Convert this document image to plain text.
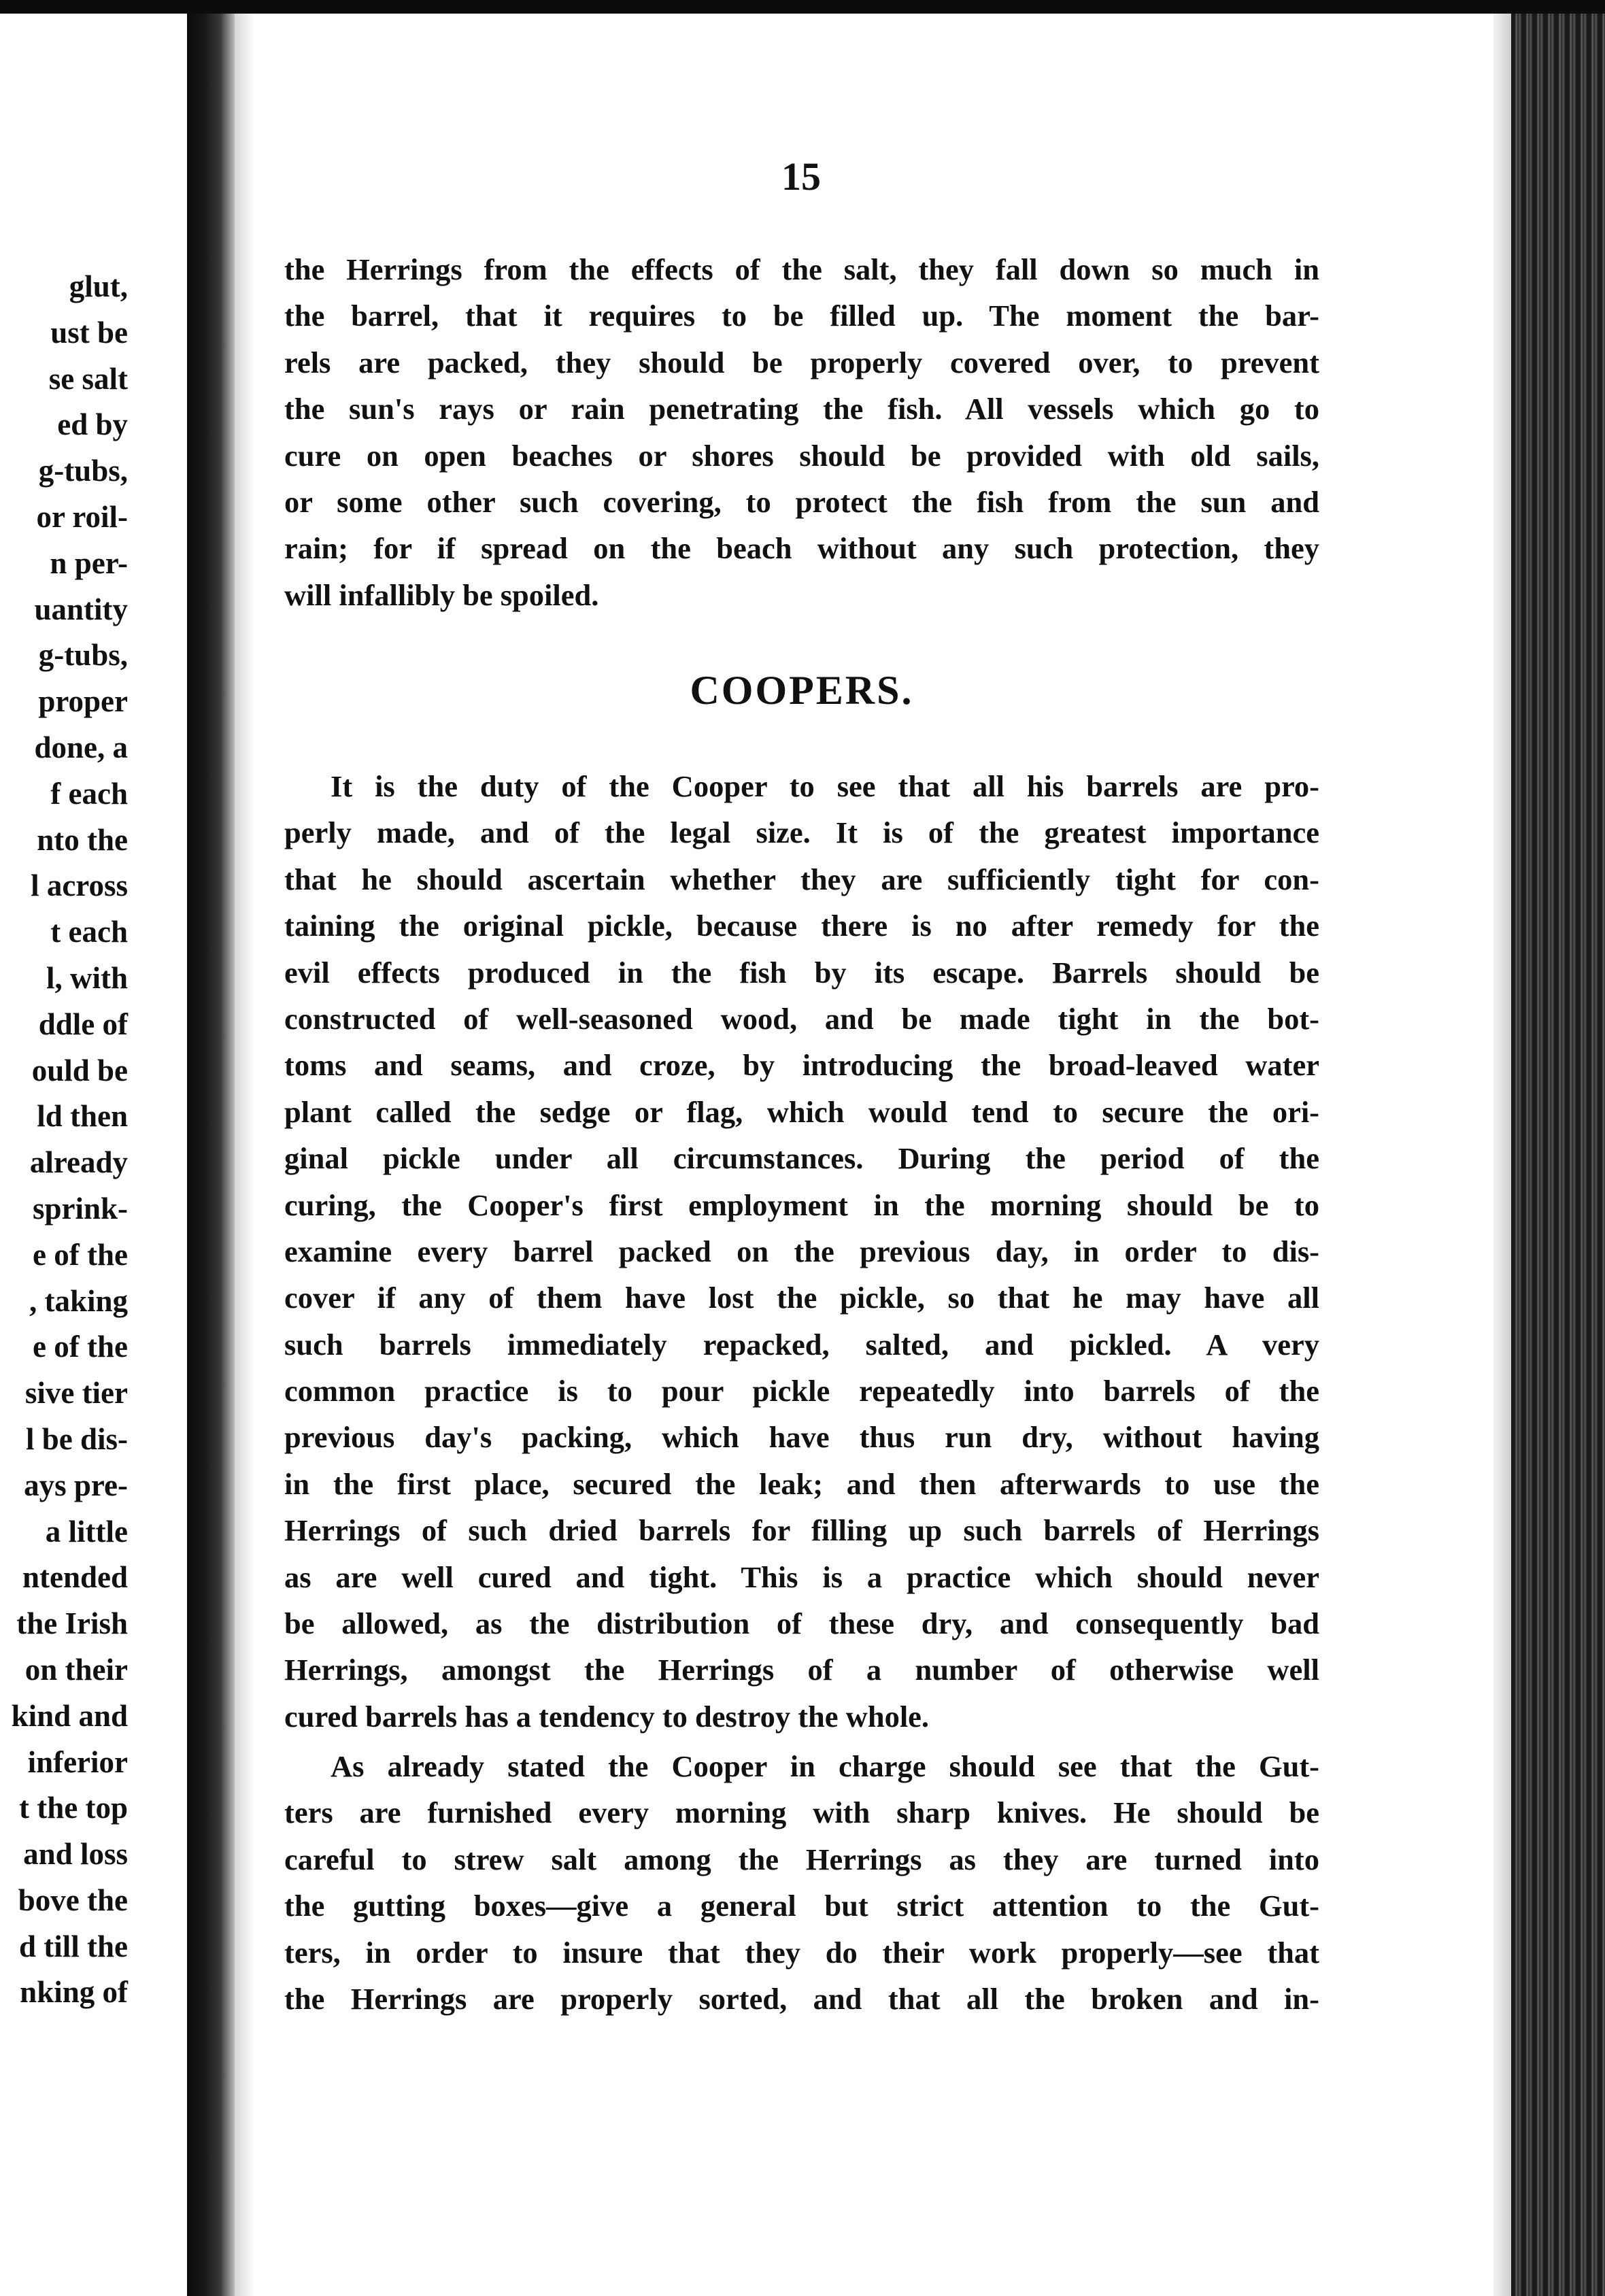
glut,
ust be
se salt
ed by
g-tubs,
or roil-
n per-
uantity
g-tubs,
proper
done, a
f each
nto the
l across
t each
l, with
ddle of
ould be
ld then
already
sprink-
e of the
, taking
e of the
sive tier
l be dis-
ays pre-
a little
ntended
the Irish
on their
kind and
inferior
t the top
and loss
bove the
d till the
nking of
15
the Herrings from the effects of the salt, they fall down so much in
the barrel, that it requires to be filled up. The moment the bar-
rels are packed, they should be properly covered over, to prevent
the sun's rays or rain penetrating the fish. All vessels which go to
cure on open beaches or shores should be provided with old sails,
or some other such covering, to protect the fish from the sun and
rain; for if spread on the beach without any such protection, they
will infallibly be spoiled.
COOPERS.
It is the duty of the Cooper to see that all his barrels are pro-
perly made, and of the legal size. It is of the greatest importance
that he should ascertain whether they are sufficiently tight for con-
taining the original pickle, because there is no after remedy for the
evil effects produced in the fish by its escape. Barrels should be
constructed of well-seasoned wood, and be made tight in the bot-
toms and seams, and croze, by introducing the broad-leaved water
plant called the sedge or flag, which would tend to secure the ori-
ginal pickle under all circumstances. During the period of the
curing, the Cooper's first employment in the morning should be to
examine every barrel packed on the previous day, in order to dis-
cover if any of them have lost the pickle, so that he may have all
such barrels immediately repacked, salted, and pickled. A very
common practice is to pour pickle repeatedly into barrels of the
previous day's packing, which have thus run dry, without having
in the first place, secured the leak; and then afterwards to use the
Herrings of such dried barrels for filling up such barrels of Herrings
as are well cured and tight. This is a practice which should never
be allowed, as the distribution of these dry, and consequently bad
Herrings, amongst the Herrings of a number of otherwise well
cured barrels has a tendency to destroy the whole.
As already stated the Cooper in charge should see that the Gut-
ters are furnished every morning with sharp knives. He should be
careful to strew salt among the Herrings as they are turned into
the gutting boxes—give a general but strict attention to the Gut-
ters, in order to insure that they do their work properly—see that
the Herrings are properly sorted, and that all the broken and in-
